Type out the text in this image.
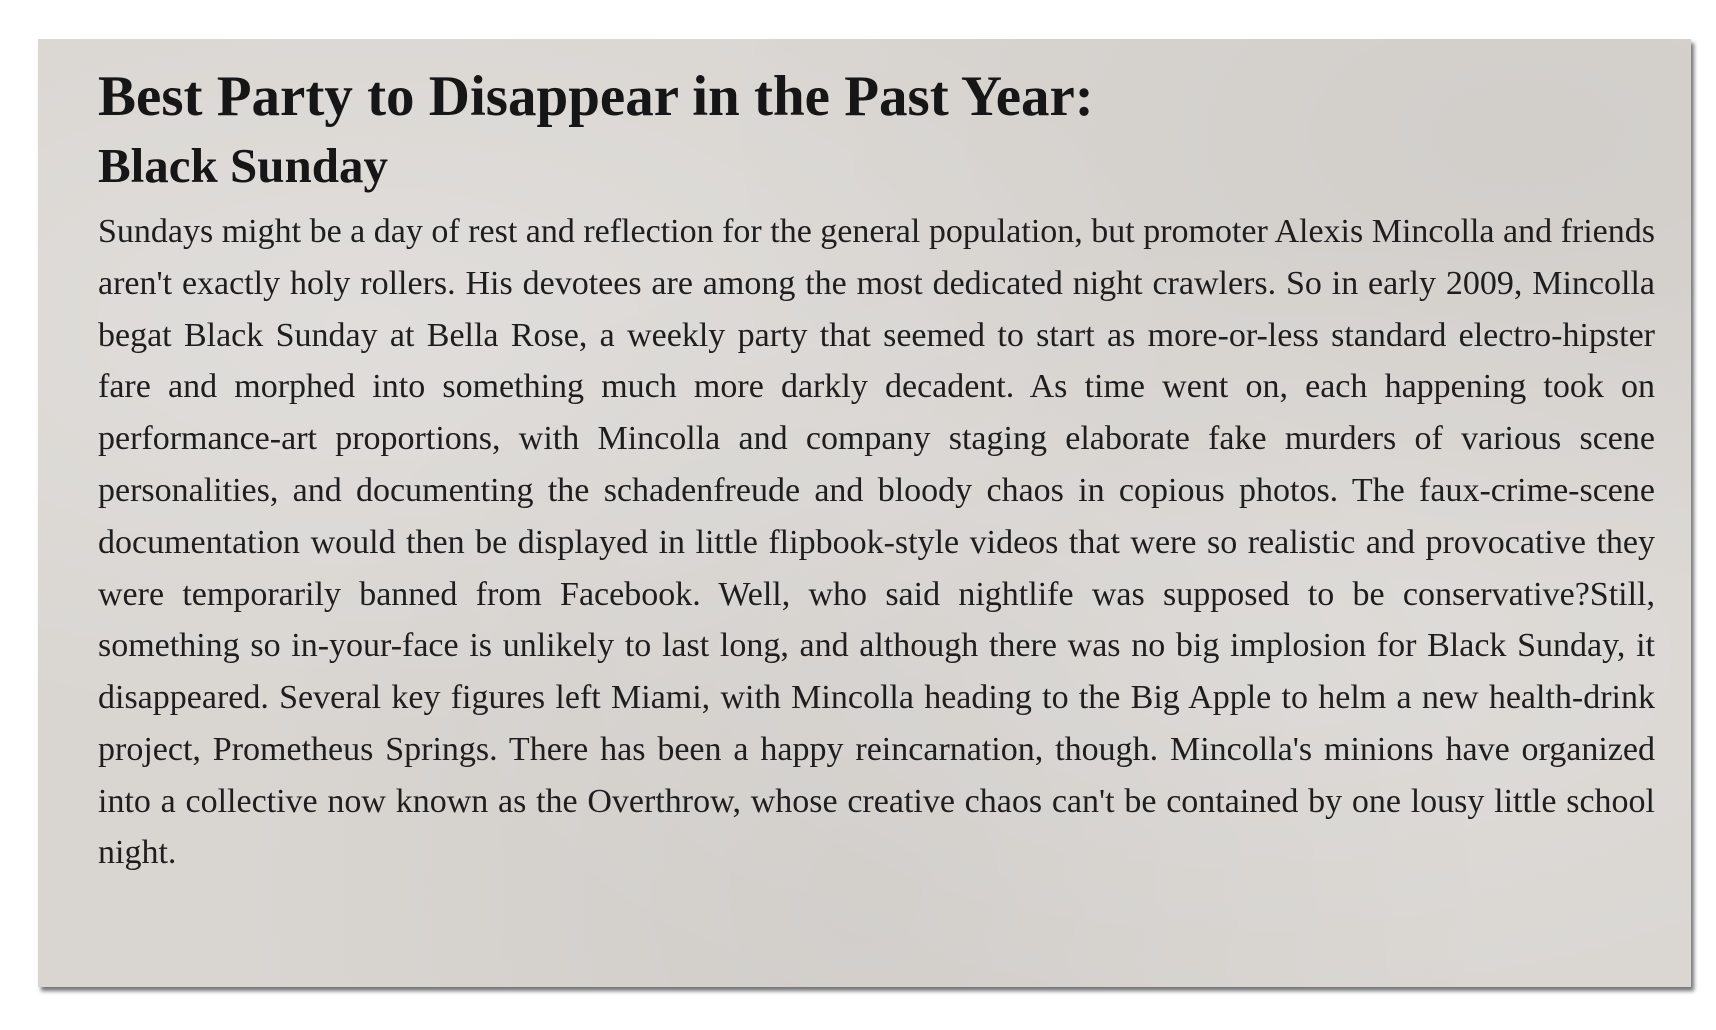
Best Party to Disappear in the Past Year:
Black Sunday

Sundays might be a day of rest and reflection for the general population, but promoter Alexis Mincolla and friends aren't exactly holy rollers. His devotees are among the most dedicated night crawlers. So in early 2009, Mincolla begat Black Sunday at Bella Rose, a weekly party that seemed to start as more-or-less standard electro-hipster fare and morphed into something much more darkly decadent. As time went on, each happening took on performance-art proportions, with Mincolla and company staging elaborate fake murders of various scene personalities, and documenting the schadenfreude and bloody chaos in copious photos. The faux-crime-scene documentation would then be displayed in little flipbook-style videos that were so realistic and provocative they were temporarily banned from Facebook. Well, who said nightlife was supposed to be conservative?Still, something so in-your-face is unlikely to last long, and although there was no big implosion for Black Sunday, it disappeared. Several key figures left Miami, with Mincolla heading to the Big Apple to helm a new health-drink project, Prometheus Springs. There has been a happy reincarnation, though. Mincolla's minions have organized into a collective now known as the Overthrow, whose creative chaos can't be contained by one lousy little school night.
